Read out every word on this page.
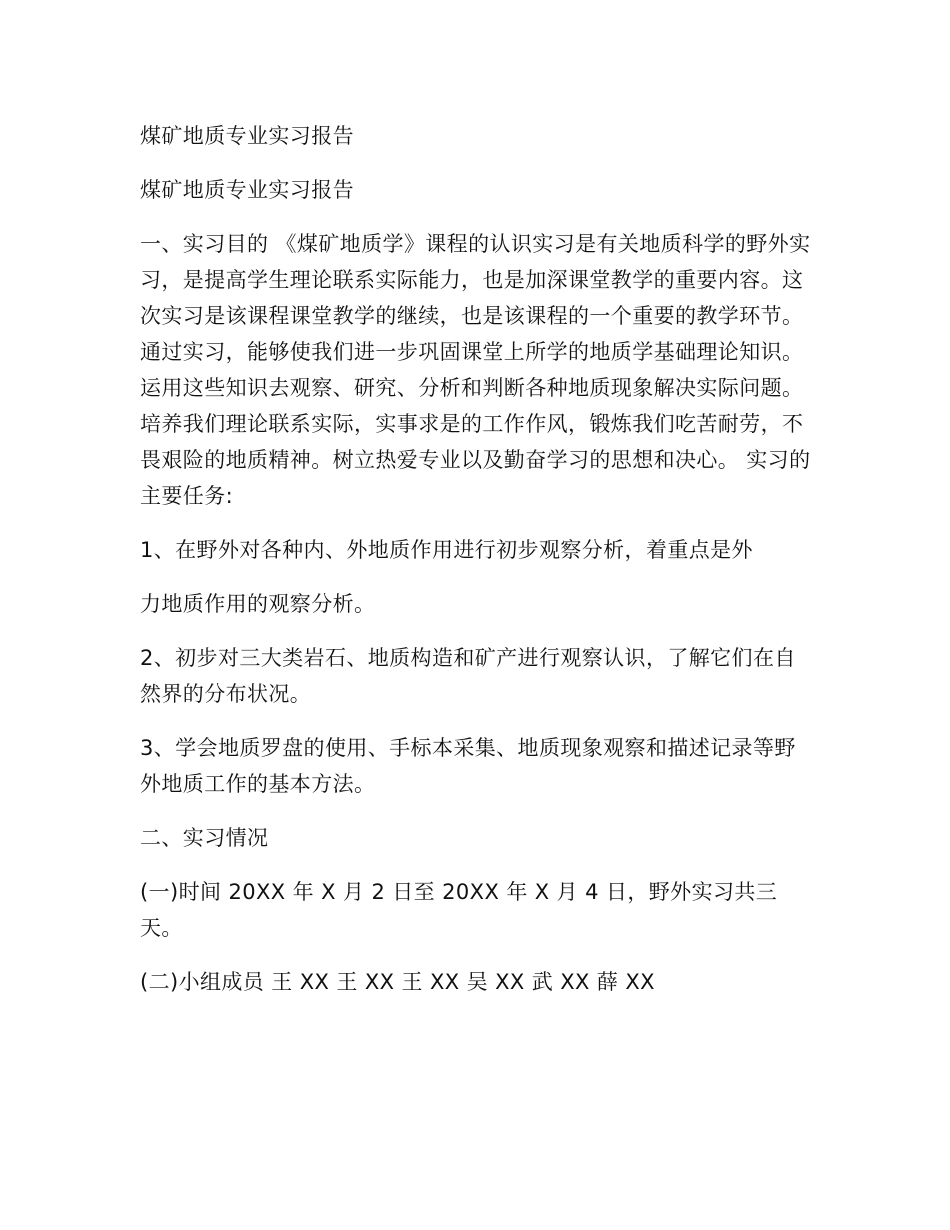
煤矿地质专业实习报告

煤矿地质专业实习报告

一、实习目的 《煤矿地质学》课程的认识实习是有关地质科学的野外实习，是提高学生理论联系实际能力，也是加深课堂教学的重要内容。这次实习是该课程课堂教学的继续，也是该课程的一个重要的教学环节。 通过实习，能够使我们进一步巩固课堂上所学的地质学基础理论知识。运用这些知识去观察、研究、分析和判断各种地质现象解决实际问题。培养我们理论联系实际，实事求是的工作作风，锻炼我们吃苦耐劳，不畏艰险的地质精神。树立热爱专业以及勤奋学习的思想和决心。 实习的主要任务:

1、在野外对各种内、外地质作用进行初步观察分析，着重点是外

力地质作用的观察分析。

2、初步对三大类岩石、地质构造和矿产进行观察认识，了解它们在自然界的分布状况。

3、学会地质罗盘的使用、手标本采集、地质现象观察和描述记录等野外地质工作的基本方法。

二、实习情况

(一)时间 20XX 年 X 月 2 日至 20XX 年 X 月 4 日，野外实习共三天。

(二)小组成员 王 XX 王 XX 王 XX 吴 XX 武 XX 薛 XX
